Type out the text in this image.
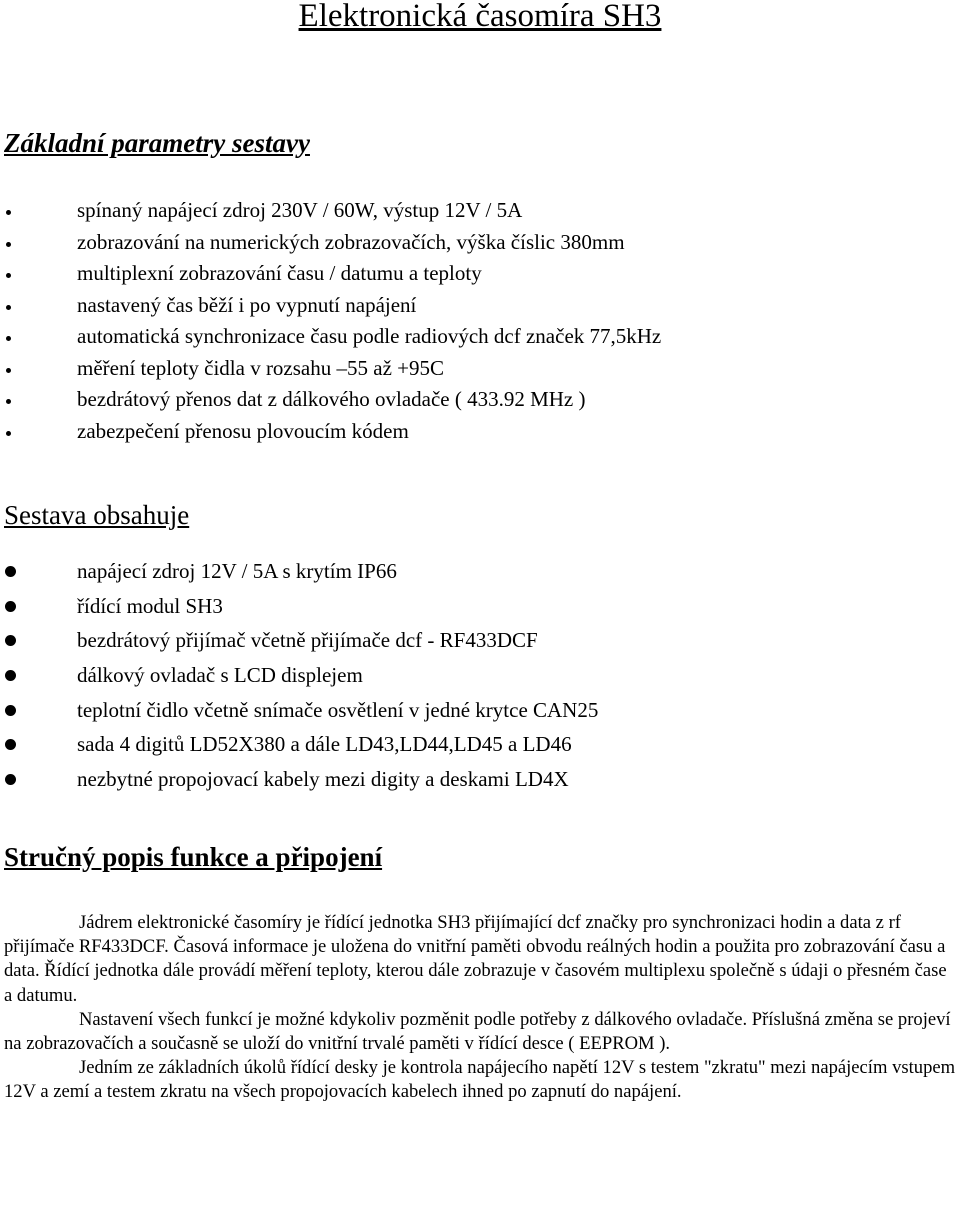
Elektronická časomíra SH3
Základní parametry sestavy
spínaný napájecí zdroj 230V / 60W, výstup 12V / 5A
zobrazování na numerických zobrazovačích, výška číslic 380mm
multiplexní zobrazování času / datumu a teploty
nastavený čas běží i po vypnutí napájení
automatická synchronizace času podle radiových dcf značek 77,5kHz
měření teploty čidla v rozsahu –55 až +95C
bezdrátový přenos dat z dálkového ovladače ( 433.92 MHz )
zabezpečení přenosu plovoucím kódem
Sestava obsahuje
napájecí zdroj 12V / 5A s krytím IP66
řídící modul SH3
bezdrátový přijímač včetně přijímače dcf - RF433DCF
dálkový ovladač s LCD displejem
teplotní čidlo včetně snímače osvětlení v jedné krytce CAN25
sada 4 digitů LD52X380 a dále LD43,LD44,LD45 a LD46
nezbytné propojovací kabely mezi digity a deskami LD4X
Stručný popis funkce a připojení

Jádrem elektronické časomíry je řídící jednotka SH3 přijímající dcf značky pro synchronizaci hodin a data z rf přijímače RF433DCF. Časová informace je uložena do vnitřní paměti obvodu reálných hodin a použita pro zobrazování času a data. Řídící jednotka dále provádí měření teploty, kterou dále zobrazuje v časovém multiplexu společně s údaji o přesném čase a datumu.

Nastavení všech funkcí je možné kdykoliv pozměnit podle potřeby z dálkového ovladače. Příslušná změna se projeví na zobrazovačích a současně se uloží do vnitřní trvalé paměti v řídící desce ( EEPROM ).

Jedním ze základních úkolů řídící desky je kontrola napájecího napětí 12V s testem "zkratu" mezi napájecím vstupem 12V a zemí a testem zkratu na všech propojovacích kabelech ihned po zapnutí do napájení.
